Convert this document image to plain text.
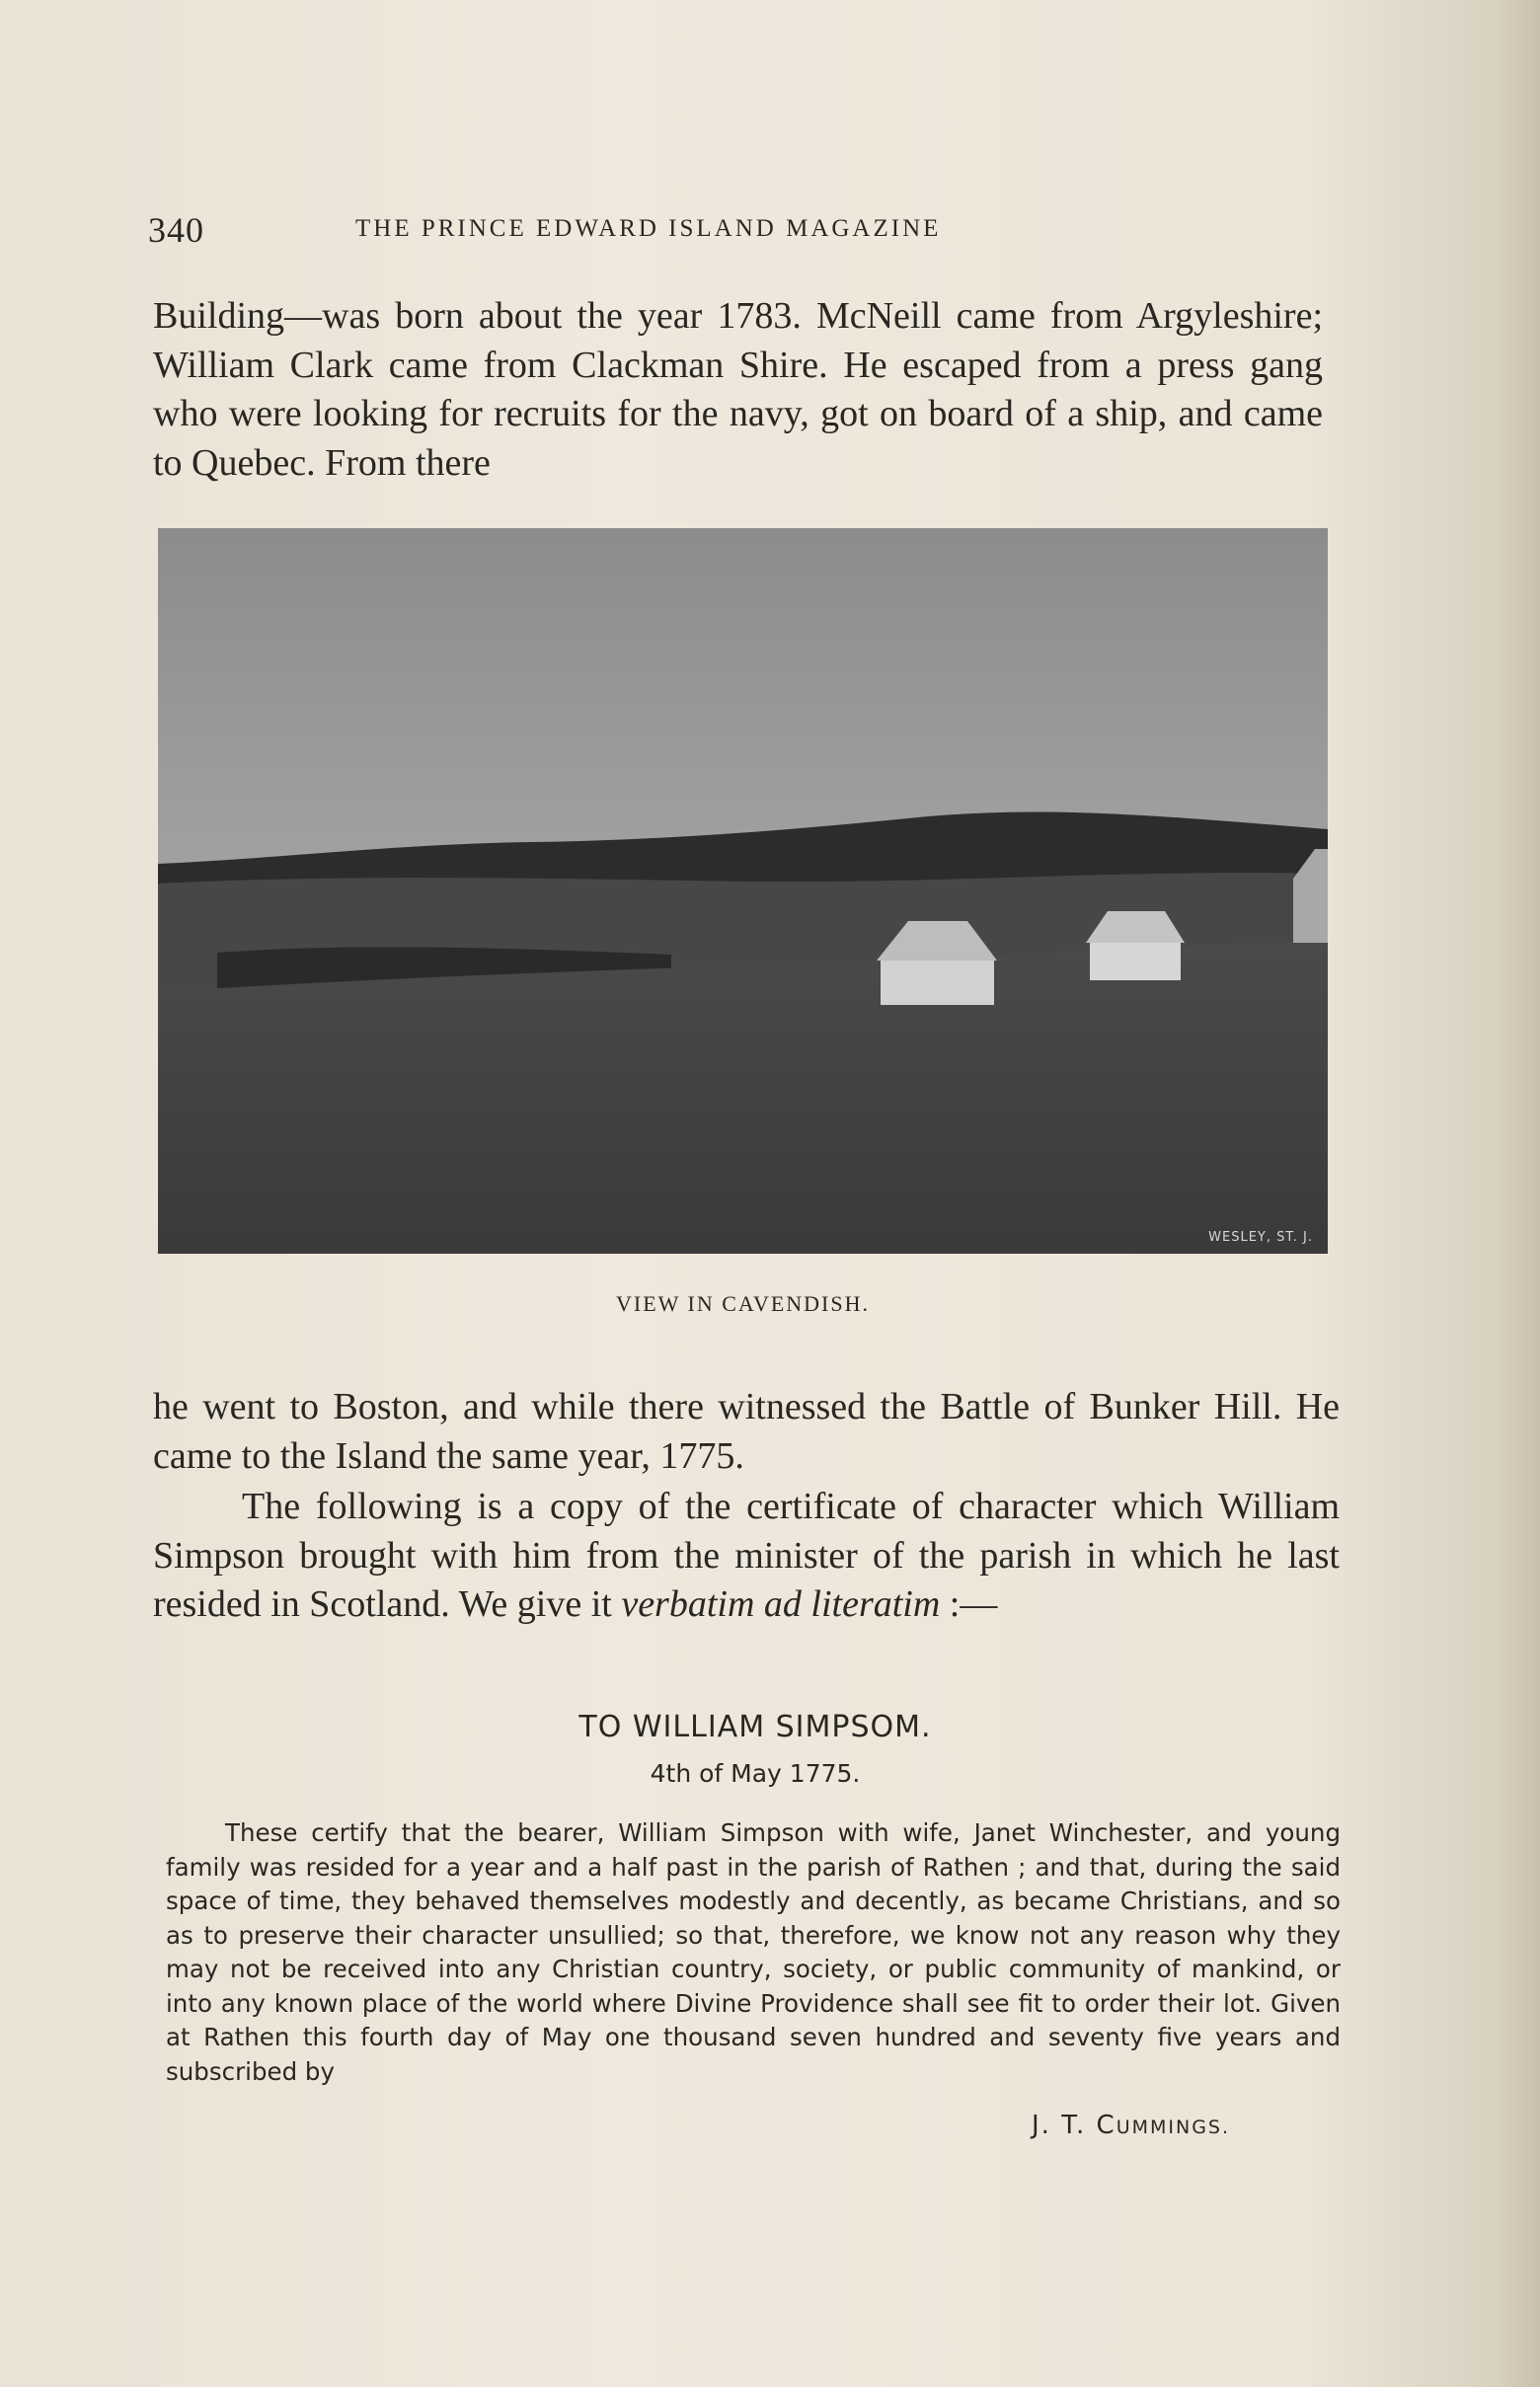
340	THE PRINCE EDWARD ISLAND MAGAZINE

Building—was born about the year 1783. McNeill came from Argyleshire; William Clark came from Clackman Shire. He escaped from a press gang who were looking for recruits for the navy, got on board of a ship, and came to Quebec. From there

WESLEY, ST. J.
VIEW IN CAVENDISH.

he went to Boston, and while there witnessed the Battle of Bunker Hill. He came to the Island the same year, 1775.

The following is a copy of the certificate of character which William Simpson brought with him from the minister of the parish in which he last resided in Scotland. We give it verbatim ad literatim :—

TO WILLIAM SIMPSOM.
4th of May 1775.

These certify that the bearer, William Simpson with wife, Janet Winchester, and young family was resided for a year and a half past in the parish of Rathen ; and that, during the said space of time, they behaved themselves modestly and decently, as became Christians, and so as to preserve their character unsullied; so that, therefore, we know not any reason why they may not be received into any Christian country, society, or public community of mankind, or into any known place of the world where Divine Providence shall see fit to order their lot. Given at Rathen this fourth day of May one thousand seven hundred and seventy five years and subscribed by

J. T. CUMMINGS.
